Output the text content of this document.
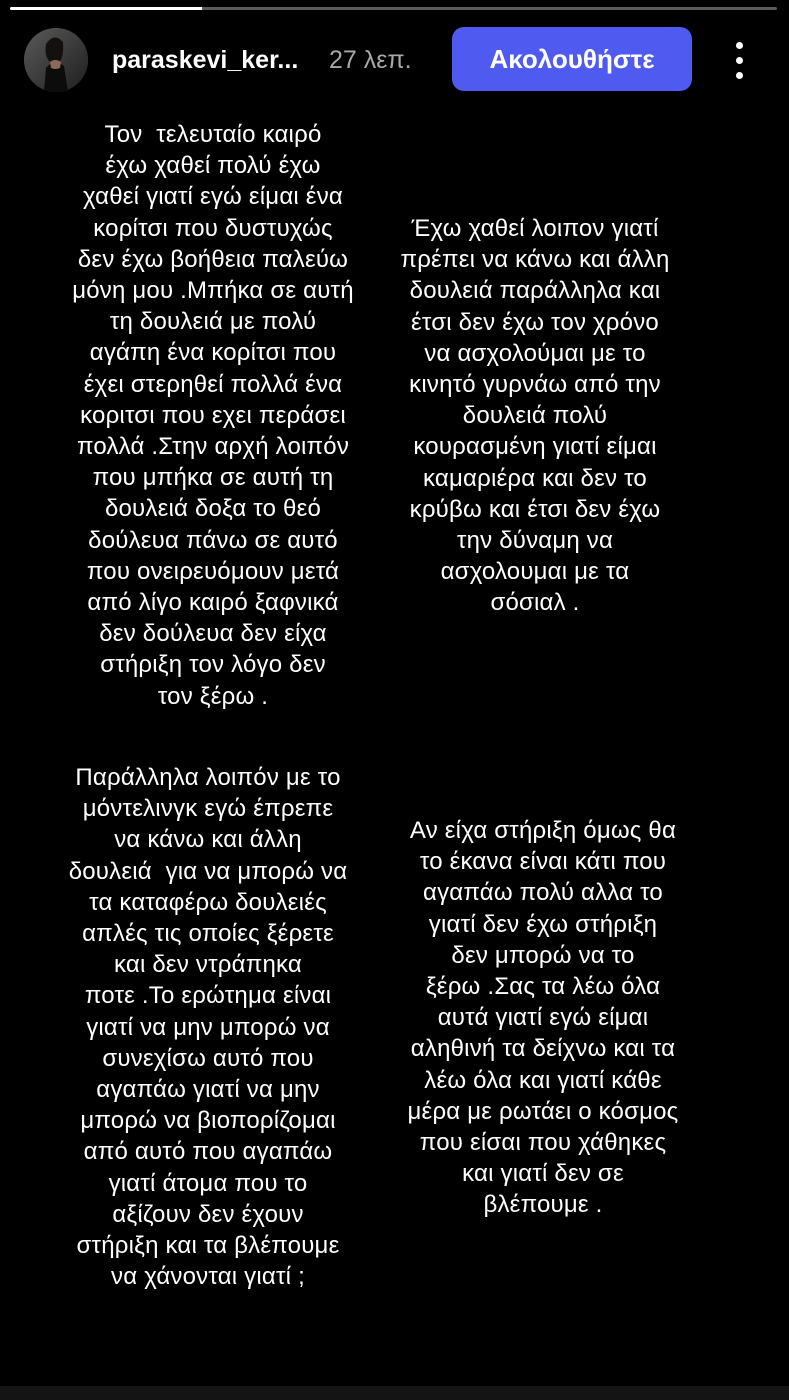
paraskevi_ker...	27 λεπ.	Ακολουθήστε
Τον  τελευταίο καιρό
έχω χαθεί πολύ έχω
χαθεί γιατί εγώ είμαι ένα
κορίτσι που δυστυχώς
δεν έχω βοήθεια παλεύω
μόνη μου .Μπήκα σε αυτή
τη δουλειά με πολύ
αγάπη ένα κορίτσι που
έχει στερηθεί πολλά ένα
κοριτσι που εχει περάσει
πολλά .Στην αρχή λοιπόν
που μπήκα σε αυτή τη
δουλειά δοξα το θεό
δούλευα πάνω σε αυτό
που ονειρευόμουν μετά
από λίγο καιρό ξαφνικά
δεν δούλευα δεν είχα
στήριξη τον λόγο δεν
τον ξέρω .
Έχω χαθεί λοιπον γιατί
πρέπει να κάνω και άλλη
δουλειά παράλληλα και
έτσι δεν έχω τον χρόνο
να ασχολούμαι με το
κινητό γυρνάω από την
δουλειά πολύ
κουρασμένη γιατί είμαι
καμαριέρα και δεν το
κρύβω και έτσι δεν έχω
την δύναμη να
ασχολουμαι με τα
σόσιαλ .
Παράλληλα λοιπόν με το
μόντελινγκ εγώ έπρεπε
να κάνω και άλλη
δουλειά  για να μπορώ να
τα καταφέρω δουλειές
απλές τις οποίες ξέρετε
και δεν ντράπηκα
ποτε .Το ερώτημα είναι
γιατί να μην μπορώ να
συνεχίσω αυτό που
αγαπάω γιατί να μην
μπορώ να βιοπορίζομαι
από αυτό που αγαπάω
γιατί άτομα που το
αξίζουν δεν έχουν
στήριξη και τα βλέπουμε
να χάνονται γιατί ;
Αν είχα στήριξη όμως θα
το έκανα είναι κάτι που
αγαπάω πολύ αλλα το
γιατί δεν έχω στήριξη
δεν μπορώ να το
ξέρω .Σας τα λέω όλα
αυτά γιατί εγώ είμαι
αληθινή τα δείχνω και τα
λέω όλα και γιατί κάθε
μέρα με ρωτάει ο κόσμος
που είσαι που χάθηκες
και γιατί δεν σε
βλέπουμε .
